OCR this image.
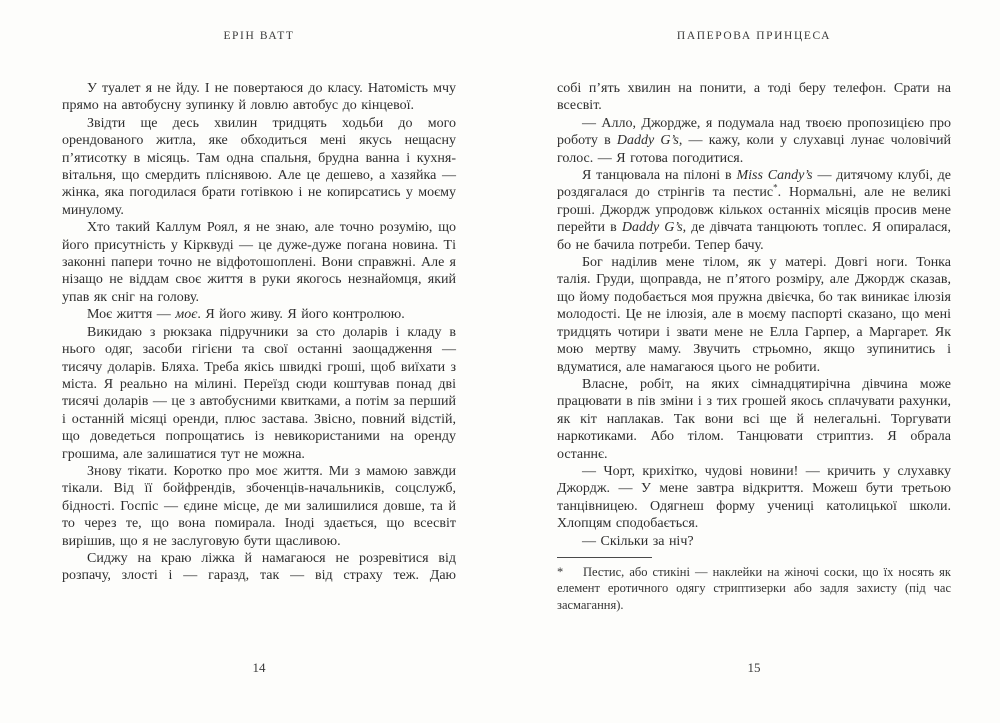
ЕРІН ВАТТ

У туалет я не йду. І не повертаюся до класу. Натомість мчу прямо на автобусну зупинку й ловлю автобус до кінцевої.

Звідти ще десь хвилин тридцять ходьби до мого орендованого житла, яке обходиться мені якусь нещасну п’ятисотку в місяць. Там одна спальня, брудна ванна і кухня-вітальня, що смердить пліснявою. Але це дешево, а хазяйка — жінка, яка погодилася брати готівкою і не копирсатись у моєму минулому.

Хто такий Каллум Роял, я не знаю, але точно розумію, що його присутність у Кірквуді — це дуже-дуже погана новина. Ті законні папери точно не відфотошоплені. Вони справжні. Але я нізащо не віддам своє життя в руки якогось незнайомця, який упав як сніг на голову.

Моє життя — моє. Я його живу. Я його контролюю.

Викидаю з рюкзака підручники за сто доларів і кладу в нього одяг, засоби гігієни та свої останні заощадження — тисячу доларів. Бляха. Треба якісь швидкі гроші, щоб виїхати з міста. Я реально на мілині. Переїзд сюди коштував понад дві тисячі доларів — це з автобусними квитками, а потім за перший і останній місяці оренди, плюс застава. Звісно, повний відстій, що доведеться попрощатись із невикористаними на оренду грошима, але залишатися тут не можна.

Знову тікати. Коротко про моє життя. Ми з мамою завжди тікали. Від її бойфрендів, збоченців-начальників, соцслужб, бідності. Госпіс — єдине місце, де ми залишилися довше, та й то через те, що вона помирала. Іноді здається, що всесвіт вирішив, що я не заслуговую бути щасливою.

Сиджу на краю ліжка й намагаюся не розревітися від розпачу, злості і — гаразд, так — від страху теж. Даю

14
ПАПЕРОВА ПРИНЦЕСА

собі п’ять хвилин на понити, а тоді беру телефон. Срати на всесвіт.

— Алло, Джордже, я подумала над твоєю пропозицією про роботу в Daddy G’s, — кажу, коли у слухавці лунає чоловічий голос. — Я готова погодитися.

Я танцювала на пілоні в Miss Candy’s — дитячому клубі, де роздягалася до стрінгів та пестис*. Нормальні, але не великі гроші. Джордж упродовж кількох останніх місяців просив мене перейти в Daddy G’s, де дівчата танцюють топлес. Я опиралася, бо не бачила потреби. Тепер бачу.

Бог наділив мене тілом, як у матері. Довгі ноги. Тонка талія. Груди, щоправда, не п’ятого розміру, але Джордж сказав, що йому подобається моя пружна двієчка, бо так виникає ілюзія молодості. Це не ілюзія, але в моєму паспорті сказано, що мені тридцять чотири і звати мене не Елла Гарпер, а Маргарет. Як мою мертву маму. Звучить стрьомно, якщо зупинитись і вдуматися, але намагаюся цього не робити.

Власне, робіт, на яких сімнадцятирічна дівчина може працювати в пів зміни і з тих грошей якось сплачувати рахунки, як кіт наплакав. Так вони всі ще й нелегальні. Торгувати наркотиками. Або тілом. Танцювати стриптиз. Я обрала останнє.

— Чорт, крихітко, чудові новини! — кричить у слухавку Джордж. — У мене завтра відкриття. Можеш бути третьою танцівницею. Одягнеш форму учениці католицької школи. Хлопцям сподобається.

— Скільки за ніч?

* Пестис, або стикіні — наклейки на жіночі соски, що їх носять як елемент еротичного одягу стриптизерки або задля захисту (під час засмагання).

15
